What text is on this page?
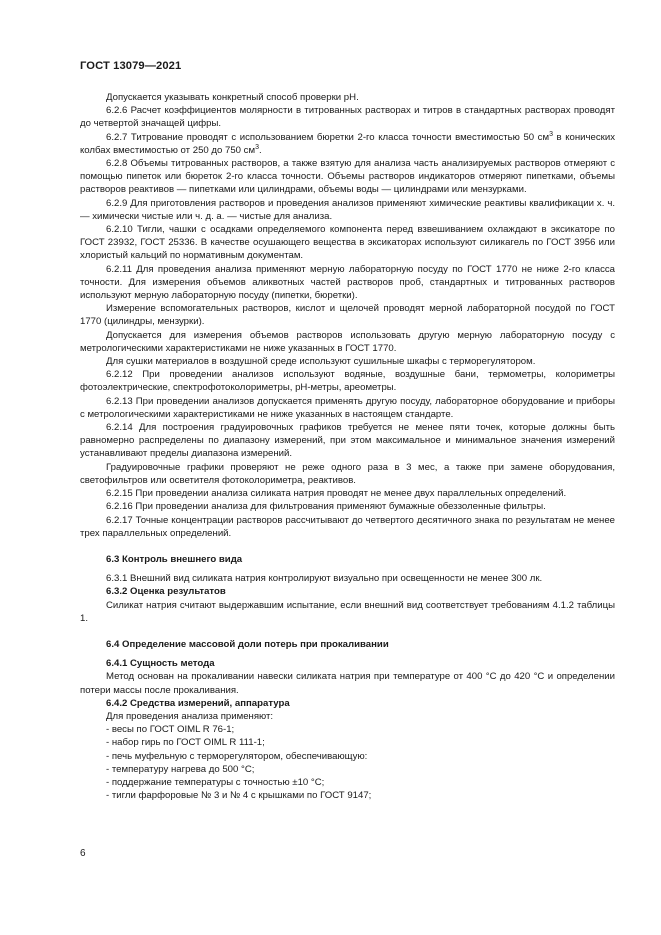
ГОСТ 13079—2021

Допускается указывать конкретный способ проверки pH.

6.2.6 Расчет коэффициентов молярности в титрованных растворах и титров в стандартных растворах проводят до четвертой значащей цифры.

6.2.7 Титрование проводят с использованием бюретки 2-го класса точности вместимостью 50 $см^3$ в конических колбах вместимостью от 250 до 750 $см^3$.

6.2.8 Объемы титрованных растворов, а также взятую для анализа часть анализируемых растворов отмеряют с помощью пипеток или бюреток 2-го класса точности. Объемы растворов индикаторов отмеряют пипетками, объемы растворов реактивов — пипетками или цилиндрами, объемы воды — цилиндрами или мензурками.

6.2.9 Для приготовления растворов и проведения анализов применяют химические реактивы квалификации х. ч. — химически чистые или ч. д. а. — чистые для анализа.

6.2.10 Тигли, чашки с осадками определяемого компонента перед взвешиванием охлаждают в эксикаторе по ГОСТ 23932, ГОСТ 25336. В качестве осушающего вещества в эксикаторах используют силикагель по ГОСТ 3956 или хлористый кальций по нормативным документам.

6.2.11 Для проведения анализа применяют мерную лабораторную посуду по ГОСТ 1770 не ниже 2-го класса точности. Для измерения объемов аликвотных частей растворов проб, стандартных и титрованных растворов используют мерную лабораторную посуду (пипетки, бюретки).

Измерение вспомогательных растворов, кислот и щелочей проводят мерной лабораторной посудой по ГОСТ 1770 (цилиндры, мензурки).

Допускается для измерения объемов растворов использовать другую мерную лабораторную посуду с метрологическими характеристиками не ниже указанных в ГОСТ 1770.

Для сушки материалов в воздушной среде используют сушильные шкафы с терморегулятором.

6.2.12 При проведении анализов используют водяные, воздушные бани, термометры, колориметры фотоэлектрические, спектрофотоколориметры, pH-метры, ареометры.

6.2.13 При проведении анализов допускается применять другую посуду, лабораторное оборудование и приборы с метрологическими характеристиками не ниже указанных в настоящем стандарте.

6.2.14 Для построения градуировочных графиков требуется не менее пяти точек, которые должны быть равномерно распределены по диапазону измерений, при этом максимальное и минимальное значения измерений устанавливают пределы диапазона измерений.

Градуировочные графики проверяют не реже одного раза в 3 мес, а также при замене оборудования, светофильтров или осветителя фотоколориметра, реактивов.

6.2.15 При проведении анализа силиката натрия проводят не менее двух параллельных определений.

6.2.16 При проведении анализа для фильтрования применяют бумажные обеззоленные фильтры.

6.2.17 Точные концентрации растворов рассчитывают до четвертого десятичного знака по результатам не менее трех параллельных определений.

6.3 Контроль внешнего вида

6.3.1 Внешний вид силиката натрия контролируют визуально при освещенности не менее 300 лк.

6.3.2 Оценка результатов

Силикат натрия считают выдержавшим испытание, если внешний вид соответствует требованиям 4.1.2 таблицы 1.

6.4 Определение массовой доли потерь при прокаливании

6.4.1 Сущность метода

Метод основан на прокаливании навески силиката натрия при температуре от 400 °С до 420 °С и определении потери массы после прокаливания.

6.4.2 Средства измерений, аппаратура

Для проведения анализа применяют:

- весы по ГОСТ OIML R 76-1;

- набор гирь по ГОСТ OIML R 111-1;

- печь муфельную с терморегулятором, обеспечивающую:

- температуру нагрева до 500 °С;

- поддержание температуры с точностью ±10 °С;

- тигли фарфоровые № 3 и № 4 с крышками по ГОСТ 9147;

6
